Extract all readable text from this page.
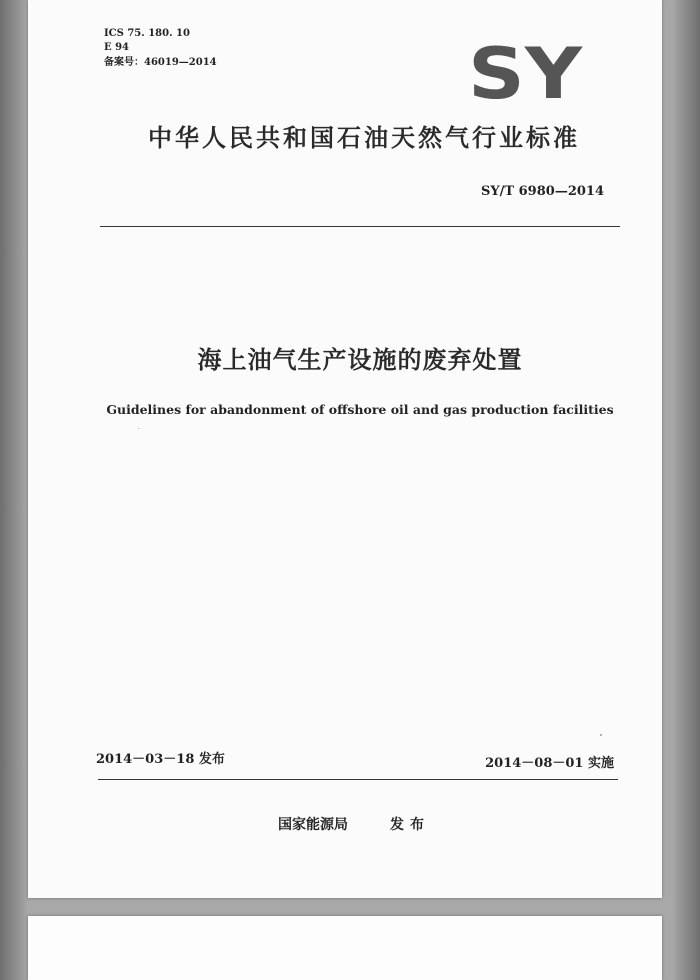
ICS 75. 180. 10
E 94
备案号：46019—2014	SY
中华人民共和国石油天然气行业标准
SY/T 6980—2014
海上油气生产设施的废弃处置
Guidelines for abandonment of offshore oil and gas production facilities
2014－03－18 发布	2014－08－01 实施
国家能源局	发布
